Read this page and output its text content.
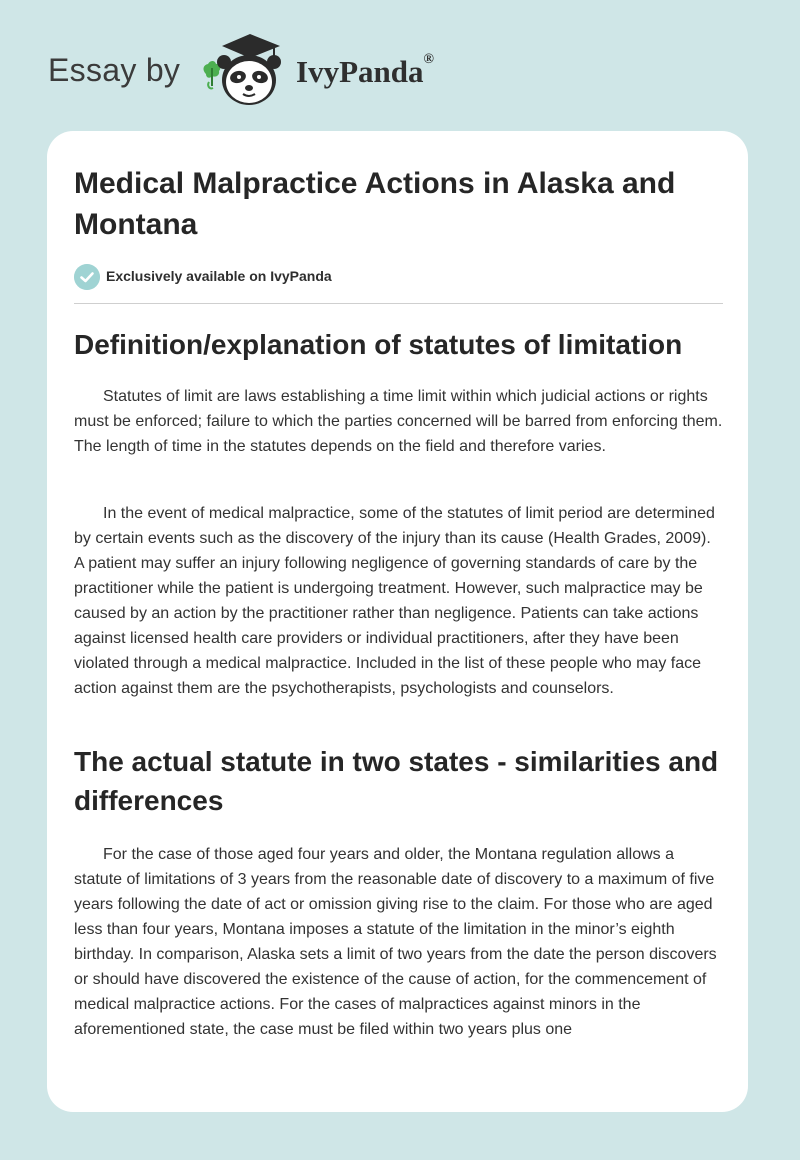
Essay by	IvyPanda®
Medical Malpractice Actions in Alaska and Montana
Exclusively available on IvyPanda
Definition/explanation of statutes of limitation

Statutes of limit are laws establishing a time limit within which judicial actions or rights must be enforced; failure to which the parties concerned will be barred from enforcing them. The length of time in the statutes depends on the field and therefore varies.

In the event of medical malpractice, some of the statutes of limit period are determined by certain events such as the discovery of the injury than its cause (Health Grades, 2009). A patient may suffer an injury following negligence of governing standards of care by the practitioner while the patient is undergoing treatment. However, such malpractice may be caused by an action by the practitioner rather than negligence. Patients can take actions against licensed health care providers or individual practitioners, after they have been violated through a medical malpractice. Included in the list of these people who may face action against them are the psychotherapists, psychologists and counselors.

The actual statute in two states - similarities and differences

For the case of those aged four years and older, the Montana regulation allows a statute of limitations of 3 years from the reasonable date of discovery to a maximum of five years following the date of act or omission giving rise to the claim. For those who are aged less than four years, Montana imposes a statute of the limitation in the minor’s eighth birthday. In comparison, Alaska sets a limit of two years from the date the person discovers or should have discovered the existence of the cause of action, for the commencement of medical malpractice actions. For the cases of malpractices against minors in the aforementioned state, the case must be filed within two years plus one
